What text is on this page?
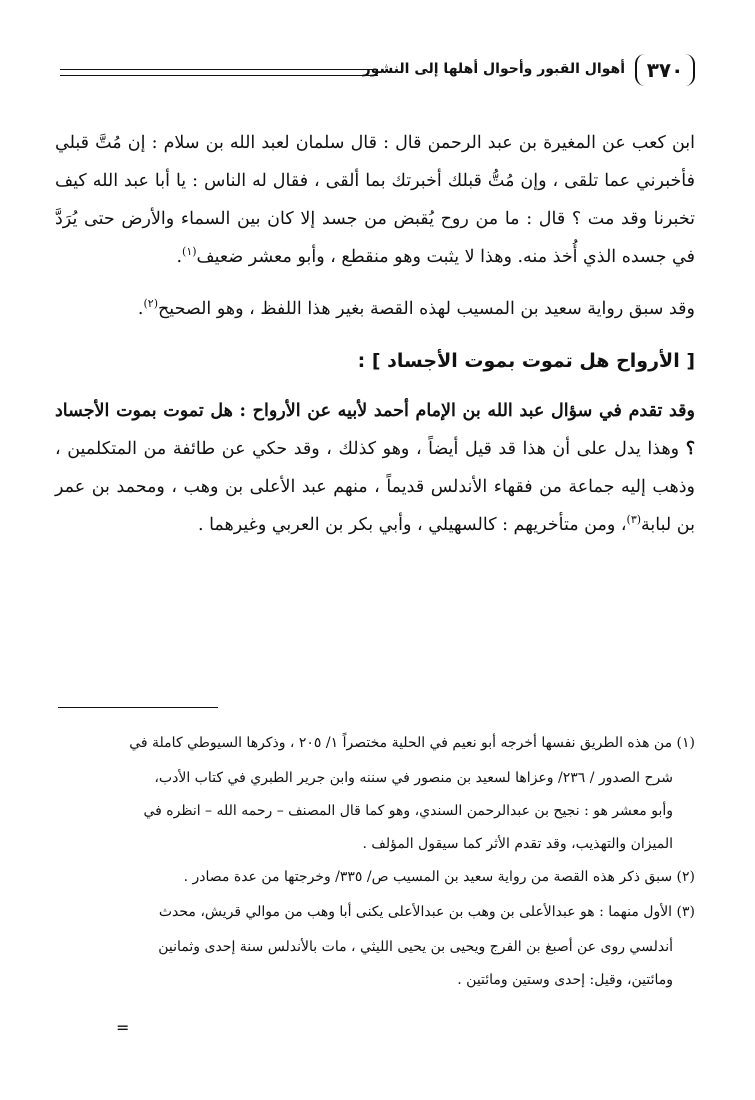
٣٧٠
أهوال القبور وأحوال أهلها إلى النشور

ابن كعب عن المغيرة بن عبد الرحمن قال : قال سلمان لعبد الله بن سلام : إن مُتَّ قبلي فأخبرني عما تلقى ، وإن مُتُّ قبلك أخبرتك بما ألقى ، فقال له الناس : يا أبا عبد الله كيف تخبرنا وقد مت ؟ قال : ما من روح يُقبض من جسد إلا كان بين السماء والأرض حتى يُرَدَّ في جسده الذي أُخذ منه. وهذا لا يثبت وهو منقطع ، وأبو معشر ضعيف$^{(١)}$.

وقد سبق رواية سعيد بن المسيب لهذه القصة بغير هذا اللفظ ، وهو الصحيح$^{(٢)}$.

[ الأرواح هل تموت بموت الأجساد ] :

وقد تقدم في سؤال عبد الله بن الإمام أحمد لأبيه عن الأرواح : هل تموت بموت الأجساد ؟ وهذا يدل على أن هذا قد قيل أيضاً ، وهو كذلك ، وقد حكي عن طائفة من المتكلمين ، وذهب إليه جماعة من فقهاء الأندلس قديماً ، منهم عبد الأعلى بن وهب ، ومحمد بن عمر بن لبابة$^{(٣)}$، ومن متأخريهم : كالسهيلي ، وأبي بكر بن العربي وغيرهما .

(١) من هذه الطريق نفسها أخرجه أبو نعيم في الحلية مختصراً ١/ ٢٠٥ ، وذكرها السيوطي كاملة في

شرح الصدور / ٢٣٦/ وعزاها لسعيد بن منصور في سننه وابن جرير الطبري في كتاب الأدب،

وأبو معشر هو : نجيح بن عبدالرحمن السندي، وهو كما قال المصنف – رحمه الله – انظره في

الميزان والتهذيب، وقد تقدم الأثر كما سيقول المؤلف .

(٢) سبق ذكر هذه القصة من رواية سعيد بن المسيب ص/ ٣٣٥/ وخرجتها من عدة مصادر .

(٣) الأول منهما : هو عبدالأعلى بن وهب بن عبدالأعلى يكنى أبا وهب من موالي قريش، محدث

أندلسي روى عن أصبغ بن الفرج ويحيى بن يحيى الليثي ، مات بالأندلس سنة إحدى وثمانين

ومائتين، وقيل: إحدى وستين ومائتين .

=
